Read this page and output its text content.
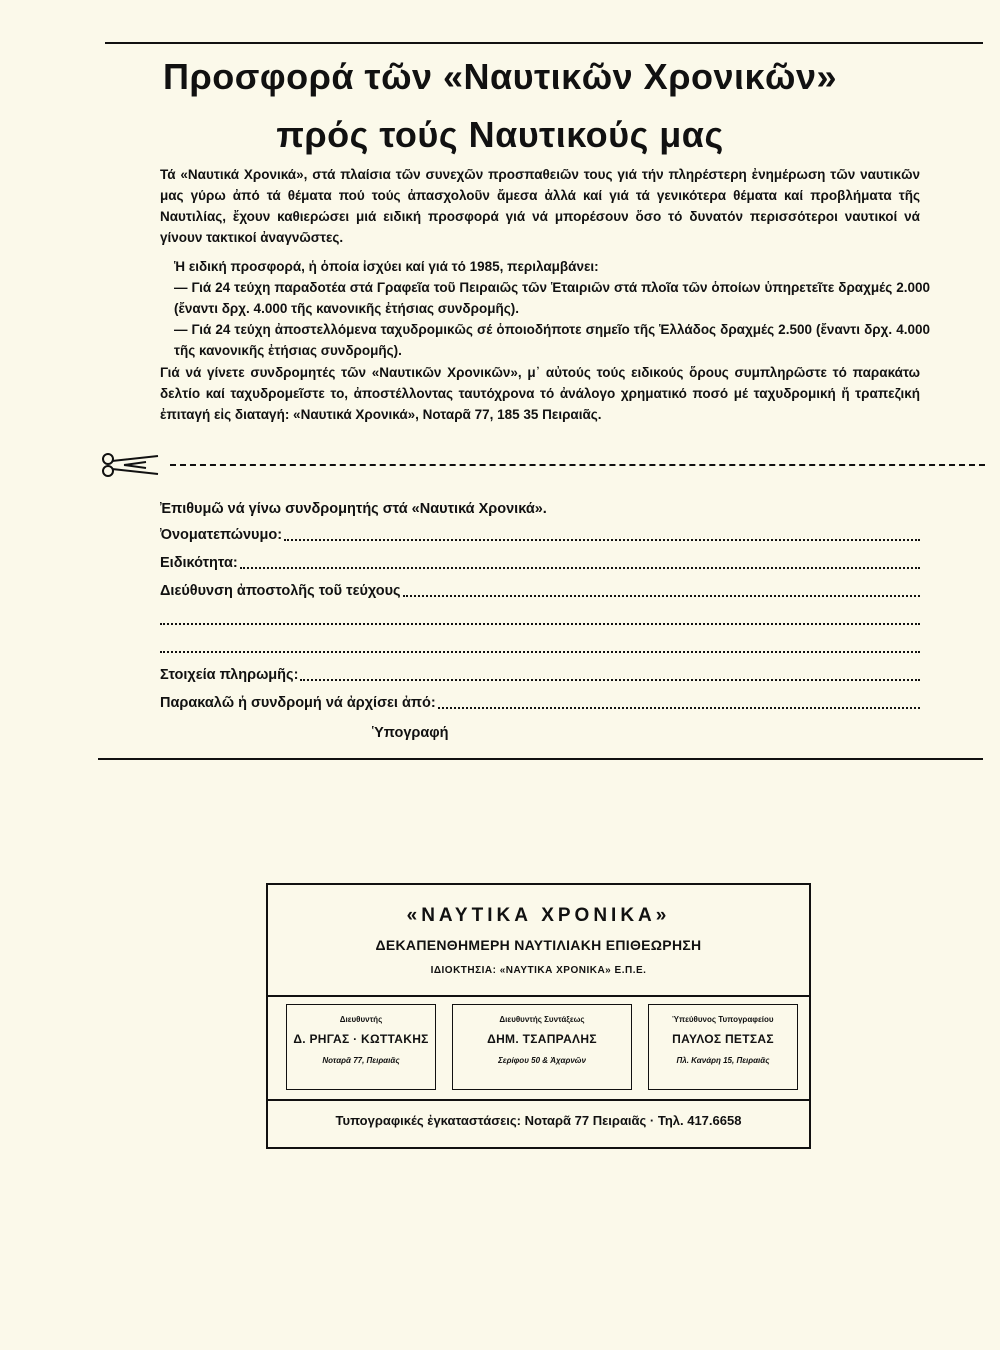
Προσφορά τῶν «Ναυτικῶν Χρονικῶν»
πρός τούς Ναυτικούς μας
Τά «Ναυτικά Χρονικά», στά πλαίσια τῶν συνεχῶν προσπαθειῶν τους γιά τήν πληρέστερη ἐνημέρωση τῶν ναυτικῶν μας γύρω ἀπό τά θέματα πού τούς ἀπασχολοῦν ἄμεσα ἀλλά καί γιά τά γενικότερα θέματα καί προβλήματα τῆς Ναυτιλίας, ἔχουν καθιερώσει μιά ειδική προσφορά γιά νά μπορέσουν ὅσο τό δυνατόν περισσότεροι ναυτικοί νά γίνουν τακτικοί ἀναγνῶστες.
Ἡ ειδική προσφορά, ἡ ὁποία ἰσχύει καί γιά τό 1985, περιλαμβάνει: — Γιά 24 τεύχη παραδοτέα στά Γραφεῖα τοῦ Πειραιῶς τῶν Ἑταιριῶν στά πλοῖα τῶν ὁποίων ὑπηρετεῖτε δραχμές 2.000 (ἔναντι δρχ. 4.000 τῆς κανονικῆς ἐτήσιας συνδρομῆς). — Γιά 24 τεύχη ἀποστελλόμενα ταχυδρομικῶς σέ ὁποιοδήποτε σημεῖο τῆς Ἑλλάδος δραχμές 2.500 (ἔναντι δρχ. 4.000 τῆς κανονικῆς ἐτήσιας συνδρομῆς).
Γιά νά γίνετε συνδρομητές τῶν «Ναυτικῶν Χρονικῶν», μ᾽ αὐτούς τούς ειδικούς ὅρους συμπληρῶστε τό παρακάτω δελτίο καί ταχυδρομεῖστε το, ἀποστέλλοντας ταυτόχρονα τό ἀνάλογο χρηματικό ποσό μέ ταχυδρομική ἤ τραπεζική ἐπιταγή εἰς διαταγή: «Ναυτικά Χρονικά», Νοταρᾶ 77, 185 35 Πειραιᾶς.
Ἐπιθυμῶ νά γίνω συνδρομητής στά «Ναυτικά Χρονικά».
Ὀνοματεπώνυμο:
Ειδικότητα:
Διεύθυνση ἀποστολῆς τοῦ τεύχους
Στοιχεία πληρωμῆς:
Παρακαλῶ ἡ συνδρομή νά ἀρχίσει ἀπό:
Ὑπογραφή
«ΝΑΥΤΙΚΑ ΧΡΟΝΙΚΑ»
ΔΕΚΑΠΕΝΘΗΜΕΡΗ ΝΑΥΤΙΛΙΑΚΗ ΕΠΙΘΕΩΡΗΣΗ
ΙΔΙΟΚΤΗΣΙΑ: «ΝΑΥΤΙΚΑ ΧΡΟΝΙΚΑ» Ε.Π.Ε.
Διευθυντής
Δ. ΡΗΓΑΣ · ΚΩΤΤΑΚΗΣ
Νοταρᾶ 77, Πειραιᾶς
Διευθυντής Συντάξεως
ΔΗΜ. ΤΣΑΠΡΑΛΗΣ
Σερίφου 50 & Ἀχαρνῶν
Ὑπεύθυνος Τυπογραφείου
ΠΑΥΛΟΣ ΠΕΤΣΑΣ
Πλ. Κανάρη 15, Πειραιᾶς
Τυπογραφικές ἐγκαταστάσεις: Νοταρᾶ 77 Πειραιᾶς · Τηλ. 417.6658
